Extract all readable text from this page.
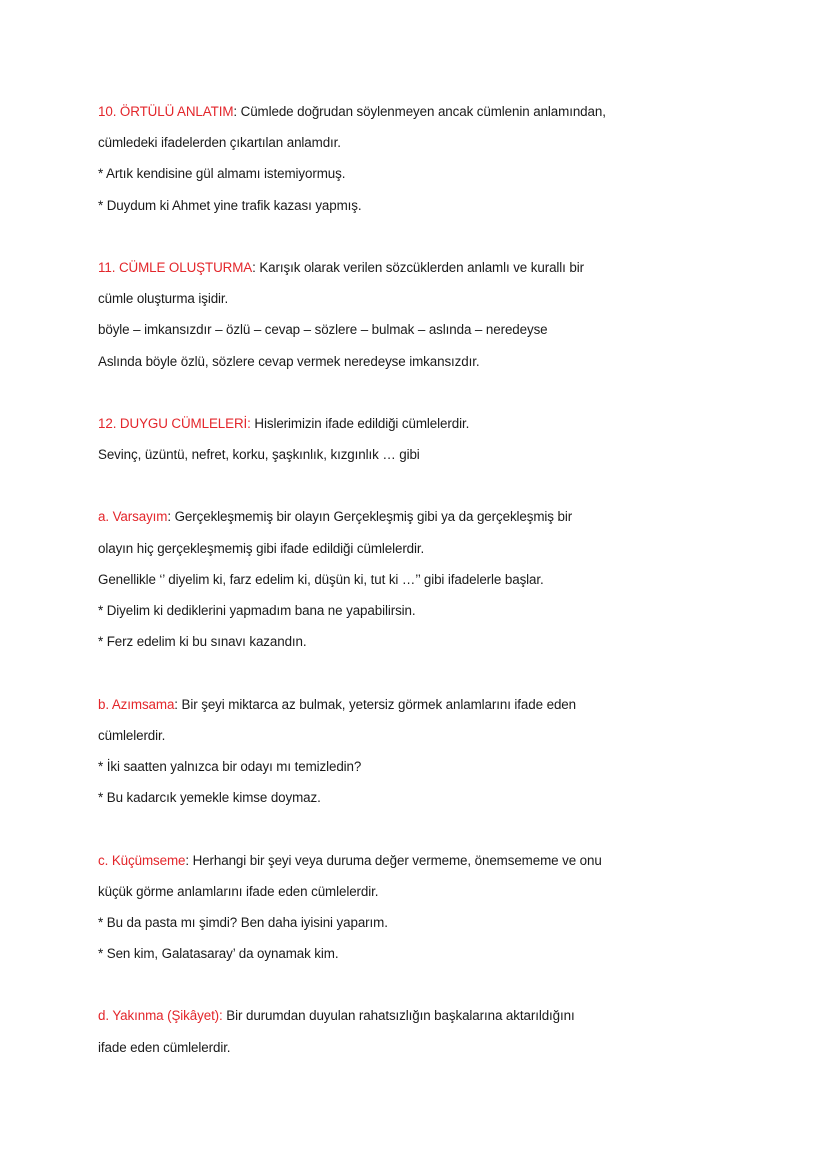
10. ÖRTÜLÜ ANLATIM: Cümlede doğrudan söylenmeyen ancak cümlenin anlamından,
cümledeki ifadelerden çıkartılan anlamdır.
* Artık kendisine gül almamı istemiyormuş.
* Duydum ki Ahmet yine trafik kazası yapmış.
11. CÜMLE OLUŞTURMA: Karışık olarak verilen sözcüklerden anlamlı ve kurallı bir
cümle oluşturma işidir.
böyle – imkansızdır – özlü – cevap – sözlere – bulmak – aslında – neredeyse
Aslında böyle özlü, sözlere cevap vermek neredeyse imkansızdır.
12. DUYGU CÜMLELERİ: Hislerimizin ifade edildiği cümlelerdir.
Sevinç, üzüntü, nefret, korku, şaşkınlık, kızgınlık … gibi
a. Varsayım: Gerçekleşmemiş bir olayın Gerçekleşmiş gibi ya da gerçekleşmiş bir
olayın hiç gerçekleşmemiş gibi ifade edildiği cümlelerdir.
Genellikle ‘’ diyelim ki, farz edelim ki, düşün ki, tut ki …’’ gibi ifadelerle başlar.
* Diyelim ki dediklerini yapmadım bana ne yapabilirsin.
* Ferz edelim ki bu sınavı kazandın.
b. Azımsama: Bir şeyi miktarca az bulmak, yetersiz görmek anlamlarını ifade eden
cümlelerdir.
* İki saatten yalnızca bir odayı mı temizledin?
* Bu kadarcık yemekle kimse doymaz.
c. Küçümseme: Herhangi bir şeyi veya duruma değer vermeme, önemsememe ve onu
küçük görme anlamlarını ifade eden cümlelerdir.
* Bu da pasta mı şimdi? Ben daha iyisini yaparım.
* Sen kim, Galatasaray’ da oynamak kim.
d. Yakınma (Şikâyet): Bir durumdan duyulan rahatsızlığın başkalarına aktarıldığını
ifade eden cümlelerdir.
